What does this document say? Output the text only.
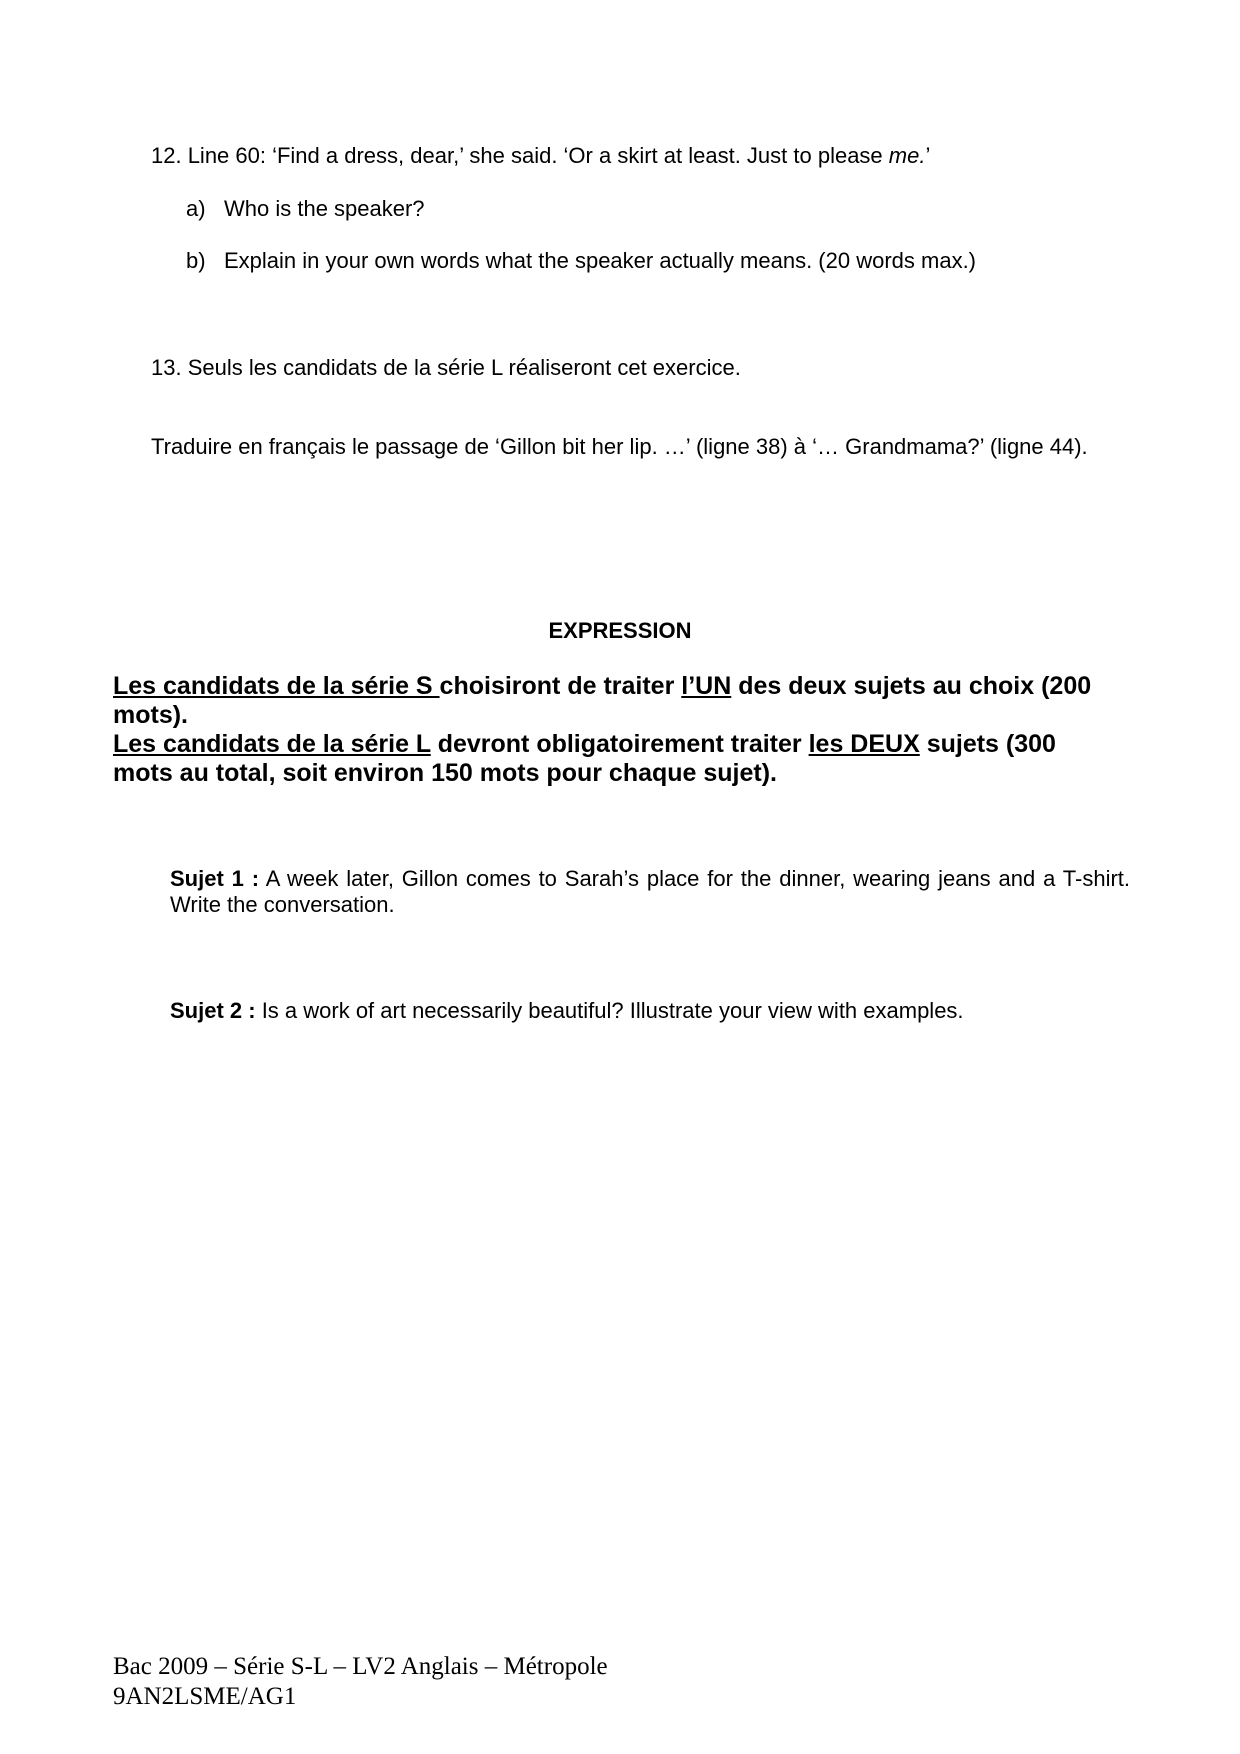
12. Line 60: ‘Find a dress, dear,’ she said. ‘Or a skirt at least. Just to please me.’
a) Who is the speaker?
b) Explain in your own words what the speaker actually means. (20 words max.)
13. Seuls les candidats de la série L réaliseront cet exercice.
Traduire en français le passage de ‘Gillon bit her lip. …’ (ligne 38) à ‘… Grandmama?’ (ligne 44).
EXPRESSION

Les candidats de la série S choisiront de traiter l’UN des deux sujets au choix (200 mots).

Les candidats de la série L devront obligatoirement traiter les DEUX sujets (300 mots au total, soit environ 150 mots pour chaque sujet).

Sujet 1 : A week later, Gillon comes to Sarah’s place for the dinner, wearing jeans and a T-shirt. Write the conversation.
Sujet 2 : Is a work of art necessarily beautiful? Illustrate your view with examples.
Bac 2009 – Série S-L – LV2 Anglais – Métropole
9AN2LSME/AG1
